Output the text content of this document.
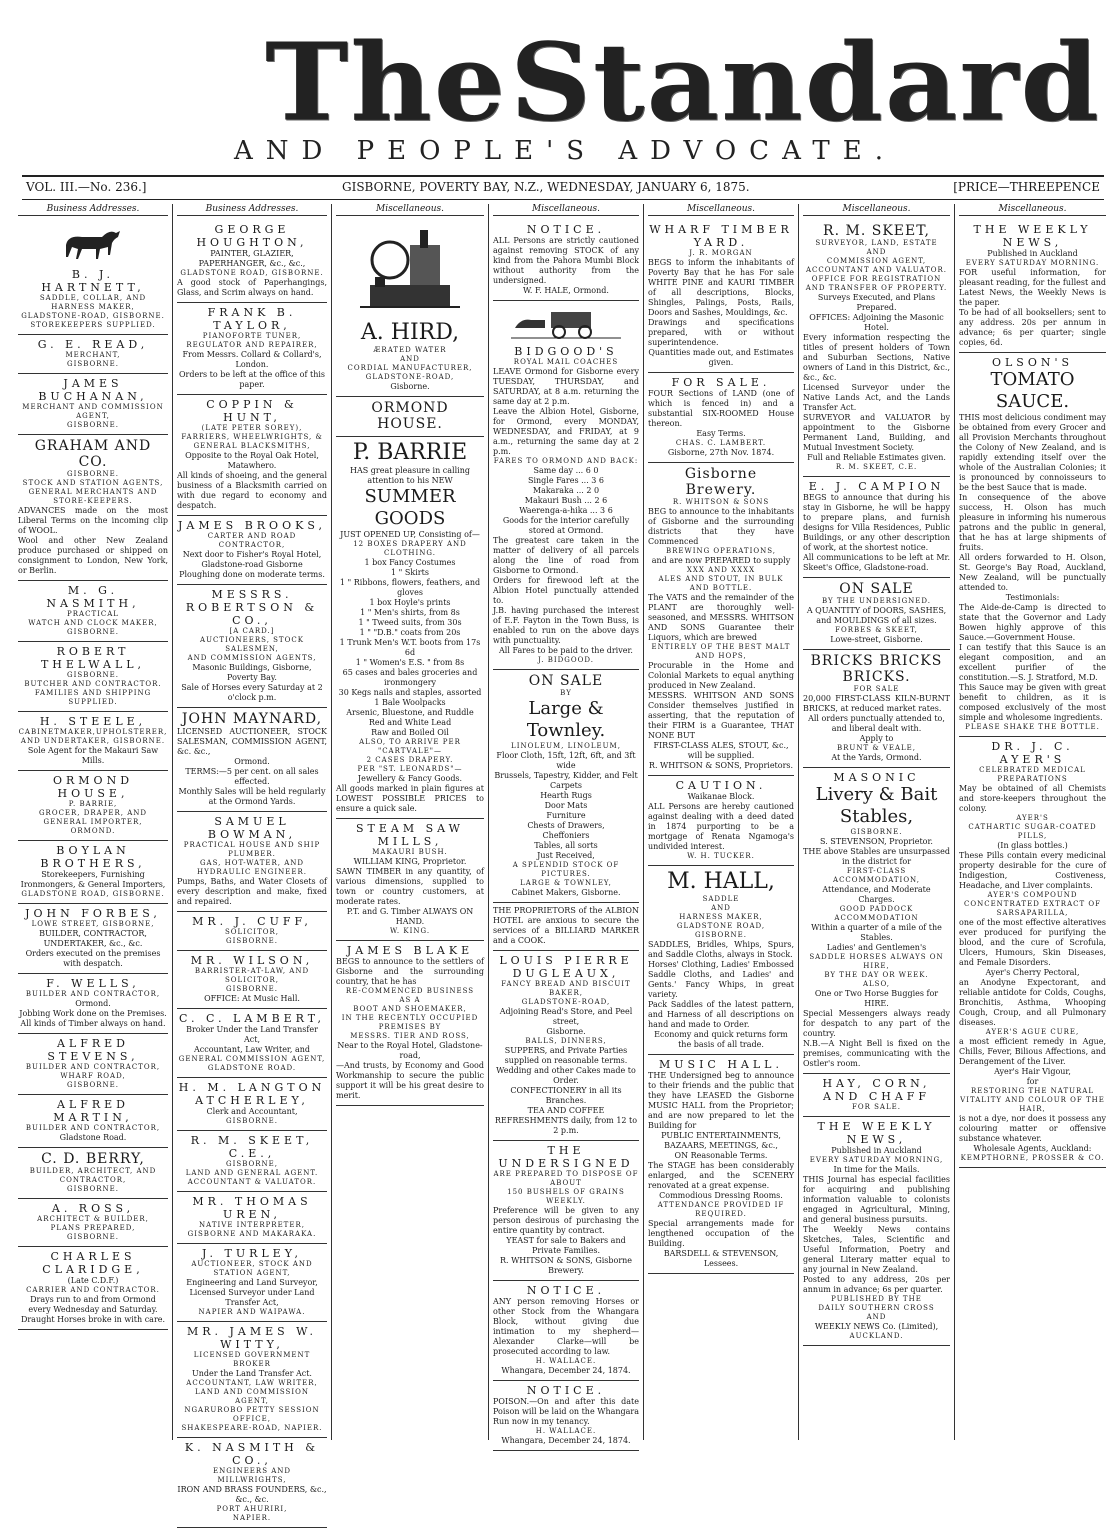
The Standard
AND PEOPLE'S ADVOCATE.
VOL. III.—No. 236.]	GISBORNE, POVERTY BAY, N.Z., WEDNESDAY, JANUARY 6, 1875.	[PRICE—THREEPENCE
Business Addresses.
B. J. HARTNETT,
SADDLE, COLLAR, AND HARNESS MAKER,
GLADSTONE-ROAD, GISBORNE.
STOREKEEPERS SUPPLIED.
G. E. READ,
MERCHANT,
GISBORNE.
JAMES BUCHANAN,
MERCHANT AND COMMISSION AGENT,
GISBORNE.
GRAHAM AND CO.
GISBORNE.
STOCK AND STATION AGENTS,
GENERAL MERCHANTS AND STORE-KEEPERS.
ADVANCES made on the most Liberal Terms on the incoming clip of WOOL.
Wool and other New Zealand produce purchased or shipped on consignment to London, New York, or Berlin.
M. G. NASMITH,
PRACTICAL
WATCH AND CLOCK MAKER,
GISBORNE.
ROBERT THELWALL,
GISBORNE.
BUTCHER AND CONTRACTOR.
FAMILIES AND SHIPPING SUPPLIED.
H. STEELE,
CABINETMAKER,UPHOLSTERER,
AND UNDERTAKER, GISBORNE.
Sole Agent for the Makauri Saw Mills.
ORMOND HOUSE,
P. BARRIE,
GROCER, DRAPER, AND GENERAL IMPORTER,
ORMOND.
BOYLAN BROTHERS,
Storekeepers, Furnishing Ironmongers, & General Importers,
GLADSTONE ROAD, GISBORNE.
JOHN FORBES,
LOWE STREET, GISBORNE,
BUILDER, CONTRACTOR, UNDERTAKER, &c., &c.
Orders executed on the premises with despatch.
F. WELLS,
BUILDER AND CONTRACTOR,
Ormond.
Jobbing Work done on the Premises.
All kinds of Timber always on hand.
ALFRED STEVENS,
BUILDER AND CONTRACTOR,
WHARF ROAD,
GISBORNE.
ALFRED MARTIN,
BUILDER AND CONTRACTOR,
Gladstone Road.
C. D. BERRY,
BUILDER, ARCHITECT, AND CONTRACTOR,
GISBORNE.
A. ROSS,
ARCHITECT & BUILDER,
PLANS PREPARED,
GISBORNE.
CHARLES CLARIDGE,
(Late C.D.F.)
CARRIER AND CONTRACTOR.
Drays run to and from Ormond every Wednesday and Saturday.
Draught Horses broke in with care.
Business Addresses.
GEORGE HOUGHTON,
PAINTER, GLAZIER, PAPERHANGER, &c., &c.,
GLADSTONE ROAD, GISBORNE.
A good stock of Paperhangings, Glass, and Scrim always on hand.
FRANK B. TAYLOR,
PIANOFORTE TUNER, REGULATOR AND REPAIRER,
From Messrs. Collard & Collard's, London.
Orders to be left at the office of this paper.
COPPIN & HUNT,
(LATE PETER SOREY),
FARRIERS, WHEELWRIGHTS, & GENERAL BLACKSMITHS,
Opposite to the Royal Oak Hotel, Matawhero.
All kinds of shoeing, and the general business of a Blacksmith carried on with due regard to economy and despatch.
JAMES BROOKS,
CARTER AND ROAD CONTRACTOR,
Next door to Fisher's Royal Hotel, Gladstone-road Gisborne
Ploughing done on moderate terms.
MESSRS. ROBERTSON & CO.,
[A CARD.]
AUCTIONEERS, STOCK SALESMEN,
AND COMMISSION AGENTS,
Masonic Buildings, Gisborne, Poverty Bay.
Sale of Horses every Saturday at 2 o'clock p.m.
JOHN MAYNARD,
LICENSED AUCTIONEER, STOCK SALESMAN, COMMISSION AGENT, &c. &c.,
Ormond.
TERMS:—5 per cent. on all sales effected.
Monthly Sales will be held regularly at the Ormond Yards.
SAMUEL BOWMAN,
PRACTICAL HOUSE AND SHIP PLUMBER.
GAS, HOT-WATER, AND HYDRAULIC ENGINEER.
Pumps, Baths, and Water Closets of every description and make, fixed and repaired.
MR. J. CUFF,
SOLICITOR,
GISBORNE.
MR. WILSON,
BARRISTER-AT-LAW, AND SOLICITOR,
GISBORNE.
OFFICE: At Music Hall.
C. C. LAMBERT,
Broker Under the Land Transfer Act,
Accountant, Law Writer, and
GENERAL COMMISSION AGENT,
GLADSTONE ROAD.
H. M. LANGTON ATCHERLEY,
Clerk and Accountant,
GISBORNE.
R. M. SKEET, C.E.,
GISBORNE,
LAND AND GENERAL AGENT.
ACCOUNTANT & VALUATOR.
MR. THOMAS UREN,
NATIVE INTERPRETER,
GISBORNE AND MAKARAKA.
J. TURLEY,
AUCTIONEER, STOCK AND STATION AGENT,
Engineering and Land Surveyor,
Licensed Surveyor under Land Transfer Act,
NAPIER AND WAIPAWA.
MR. JAMES W. WITTY,
LICENSED GOVERNMENT BROKER
Under the Land Transfer Act.
ACCOUNTANT, LAW WRITER, LAND AND COMMISSION AGENT,
NGARUROBO PETTY SESSION OFFICE,
SHAKESPEARE-ROAD, NAPIER.
K. NASMITH & CO.,
ENGINEERS AND MILLWRIGHTS,
IRON AND BRASS FOUNDERS, &c., &c., &c.
PORT AHURIRI,
NAPIER.
Miscellaneous.
A. HIRD,
ÆRATED WATER
AND
CORDIAL MANUFACTURER,
GLADSTONE-ROAD,
Gisborne.
ORMOND HOUSE.
P. BARRIE
HAS great pleasure in calling attention to his NEW
SUMMER GOODS
JUST OPENED UP, Consisting of—
12 BOXES DRAPERY AND CLOTHING.
1 box Fancy Costumes
1 " Skirts
1 " Ribbons, flowers, feathers, and gloves
1 box Hoyle's prints
1 " Men's shirts, from 8s
1 " Tweed suits, from 30s
1 " "D.B." coats from 20s
1 Trunk Men's W.T. boots from 17s 6d
1 " Women's E.S. " from 8s
65 cases and bales groceries and ironmongery
30 Kegs nails and staples, assorted
1 Bale Woolpacks
Arsenic, Bluestone, and Ruddle
Red and White Lead
Raw and Boiled Oil
ALSO, TO ARRIVE PER "CARTVALE"—
2 CASES DRAPERY.
PER "ST. LEONARDS"—
Jewellery & Fancy Goods.
All goods marked in plain figures at LOWEST POSSIBLE PRICES to ensure a quick sale.
STEAM SAW MILLS,
MAKAURI BUSH.
WILLIAM KING, Proprietor.
SAWN TIMBER in any quantity, of various dimensions, supplied to town or country customers, at moderate rates.
P.T. and G. Timber ALWAYS ON HAND.
W. KING.
JAMES BLAKE
BEGS to announce to the settlers of Gisborne and the surrounding country, that he has
RE-COMMENCED BUSINESS
AS A
BOOT AND SHOEMAKER,
IN THE RECENTLY OCCUPIED PREMISES BY
MESSRS. TIER AND ROSS,
Near to the Royal Hotel, Gladstone-road,
—And trusts, by Economy and Good Workmanship to secure the public support it will be his great desire to merit.
Miscellaneous.
NOTICE.
ALL Persons are strictly cautioned against removing STOCK of any kind from the Pahora Mumbi Block without authority from the undersigned.
W. F. HALE, Ormond.
BIDGOOD'S
ROYAL MAIL COACHES
LEAVE Ormond for Gisborne every TUESDAY, THURSDAY, and SATURDAY, at 8 a.m. returning the same day at 2 p.m.
Leave the Albion Hotel, Gisborne, for Ormond, every MONDAY, WEDNESDAY, and FRIDAY, at 9 a.m., returning the same day at 2 p.m.
FARES TO ORMOND AND BACK:
Same day ... 6 0
Single Fares ... 3 6
Makaraka ... 2 0
Makauri Bush ... 2 6
Waerenga-a-hika ... 3 6
Goods for the interior carefully stored at Ormond.
The greatest care taken in the matter of delivery of all parcels along the line of road from Gisborne to Ormond.
Orders for firewood left at the Albion Hotel punctually attended to.
J.B. having purchased the interest of E.F. Fayton in the Town Buss, is enabled to run on the above days with punctuality.
All Fares to be paid to the driver.
J. BIDGOOD.
ON SALE
BY
Large & Townley.
LINOLEUM, LINOLEUM,
Floor Cloth, 15ft, 12ft, 6ft, and 3ft wide
Brussels, Tapestry, Kidder, and Felt Carpets
Hearth Rugs
Door Mats
Furniture
Chests of Drawers,
Cheffoniers
Tables, all sorts
Just Received,
A SPLENDID STOCK OF
PICTURES.
LARGE & TOWNLEY,
Cabinet Makers, Gisborne.
THE PROPRIETORS of the ALBION HOTEL are anxious to secure the services of a BILLIARD MARKER and a COOK.
LOUIS PIERRE DUGLEAUX,
FANCY BREAD AND BISCUIT BAKER,
GLADSTONE-ROAD,
Adjoining Read's Store, and Peel street,
Gisborne.
BALLS, DINNERS,
SUPPERS, and Private Parties supplied on reasonable terms.
Wedding and other Cakes made to Order.
CONFECTIONERY in all its Branches.
TEA AND COFFEE REFRESHMENTS daily, from 12 to 2 p.m.
THE UNDERSIGNED
ARE PREPARED TO DISPOSE OF ABOUT
150 BUSHELS OF GRAINS WEEKLY.
Preference will be given to any person desirous of purchasing the entire quantity by contract.
YEAST for sale to Bakers and Private Families.
R. WHITSON & SONS, Gisborne Brewery.
NOTICE.
ANY person removing Horses or other Stock from the Whangara Block, without giving due intimation to my shepherd—Alexander Clarke—will be prosecuted according to law.
H. WALLACE.
Whangara, December 24, 1874.
NOTICE.
POISON.—On and after this date Poison will be laid on the Whangara Run now in my tenancy.
H. WALLACE.
Whangara, December 24, 1874.
Miscellaneous.
WHARF TIMBER YARD.
J. R. MORGAN
BEGS to inform the inhabitants of Poverty Bay that he has For sale WHITE PINE and KAURI TIMBER of all descriptions, Blocks, Shingles, Palings, Posts, Rails, Doors and Sashes, Mouldings, &c.
Drawings and specifications prepared, with or without superintendence.
Quantities made out, and Estimates given.
FOR SALE.
FOUR Sections of LAND (one of which is fenced in) and a substantial SIX-ROOMED House thereon.
Easy Terms.
CHAS. C. LAMBERT.
Gisborne, 27th Nov. 1874.
Gisborne Brewery.
R. WHITSON & SONS
BEG to announce to the inhabitants of Gisborne and the surrounding districts that they have Commenced
BREWING OPERATIONS,
and are now PREPARED to supply
XXX AND XXXX
ALES AND STOUT, IN BULK AND BOTTLE.
The VATS and the remainder of the PLANT are thoroughly well-seasoned, and MESSRS. WHITSON AND SONS Guarantee their Liquors, which are brewed
ENTIRELY OF THE BEST MALT AND HOPS,
Procurable in the Home and Colonial Markets to equal anything produced in New Zealand.
MESSRS. WHITSON AND SONS Consider themselves justified in asserting, that the reputation of their FIRM is a Guarantee, THAT NONE BUT
FIRST-CLASS ALES, STOUT, &c.,
will be supplied.
R. WHITSON & SONS, Proprietors.
CAUTION.
Waikanae Block.
ALL Persons are hereby cautioned against dealing with a deed dated in 1874 purporting to be a mortgage of Renata Ngamoga's undivided interest.
W. H. TUCKER.
M. HALL,
SADDLE
AND
HARNESS MAKER,
GLADSTONE ROAD,
GISBORNE.
SADDLES, Bridles, Whips, Spurs, and Saddle Cloths, always in Stock.
Horses' Clothing, Ladies' Embossed Saddle Cloths, and Ladies' and Gents.' Fancy Whips, in great variety.
Pack Saddles of the latest pattern, and Harness of all descriptions on hand and made to Order.
Economy and quick returns form the basis of all trade.
MUSIC HALL.
THE Undersigned beg to announce to their friends and the public that they have LEASED the Gisborne MUSIC HALL from the Proprietor; and are now prepared to let the Building for
PUBLIC ENTERTAINMENTS, BAZAARS, MEETINGS, &c.,
ON Reasonable Terms.
The STAGE has been considerably enlarged, and the SCENERY renovated at a great expense.
Commodious Dressing Rooms.
ATTENDANCE PROVIDED IF REQUIRED.
Special arrangements made for lengthened occupation of the Building.
BARSDELL & STEVENSON, Lessees.
Miscellaneous.
R. M. SKEET,
SURVEYOR, LAND, ESTATE
AND
COMMISSION AGENT,
ACCOUNTANT AND VALUATOR.
OFFICE FOR REGISTRATION AND TRANSFER OF PROPERTY.
Surveys Executed, and Plans Prepared.
OFFICES: Adjoining the Masonic Hotel.
Every information respecting the titles of present holders of Town and Suburban Sections, Native owners of Land in this District, &c., &c., &c.
Licensed Surveyor under the Native Lands Act, and the Lands Transfer Act.
SURVEYOR and VALUATOR by appointment to the Gisborne Permanent Land, Building, and Mutual Investment Society.
Full and Reliable Estimates given.
R. M. SKEET, C.E.
E. J. CAMPION
BEGS to announce that during his stay in Gisborne, he will be happy to prepare plans, and furnish designs for Villa Residences, Public Buildings, or any other description of work, at the shortest notice.
All communications to be left at Mr. Skeet's Office, Gladstone-road.
ON SALE
BY THE UNDERSIGNED.
A QUANTITY of DOORS, SASHES, and MOULDINGS of all sizes.
FORBES & SKEET,
Lowe-street, Gisborne.
BRICKS BRICKS BRICKS.
FOR SALE
20,000 FIRST-CLASS KILN-BURNT BRICKS, at reduced market rates.
All orders punctually attended to, and liberal dealt with.
Apply to
BRUNT & VEALE,
At the Yards, Ormond.
MASONIC
Livery & Bait Stables,
GISBORNE.
S. STEVENSON, Proprietor.
THE above Stables are unsurpassed in the district for
FIRST-CLASS ACCOMMODATION,
Attendance, and Moderate Charges.
GOOD PADDOCK ACCOMMODATION
Within a quarter of a mile of the Stables.
Ladies' and Gentlemen's
SADDLE HORSES ALWAYS ON HIRE,
BY THE DAY OR WEEK.
ALSO,
One or Two Horse Buggies for HIRE.
Special Messengers always ready for despatch to any part of the country.
N.B.—A Night Bell is fixed on the premises, communicating with the Ostler's room.
HAY, CORN, AND CHAFF
FOR SALE.
THE WEEKLY NEWS,
Published in Auckland
EVERY SATURDAY MORNING,
In time for the Mails.
THIS Journal has especial facilities for acquiring and publishing information valuable to colonists engaged in Agricultural, Mining, and general business pursuits.
The Weekly News contains Sketches, Tales, Scientific and Useful Information, Poetry and general Literary matter equal to any journal in New Zealand.
Posted to any address, 20s per annum in advance; 6s per quarter.
PUBLISHED BY THE
DAILY SOUTHERN CROSS
AND
WEEKLY NEWS Co. (Limited),
AUCKLAND.
Miscellaneous.
THE WEEKLY NEWS,
Published in Auckland
EVERY SATURDAY MORNING.
FOR useful information, for pleasant reading, for the fullest and Latest News, the Weekly News is the paper.
To be had of all booksellers; sent to any address. 20s per annum in advance; 6s per quarter; single copies, 6d.
OLSON'S
TOMATO SAUCE.
THIS most delicious condiment may be obtained from every Grocer and all Provision Merchants throughout the Colony of New Zealand, and is rapidly extending itself over the whole of the Australian Colonies; it is pronounced by connoisseurs to be the best Sauce that is made.
In consequence of the above success, H. Olson has much pleasure in informing his numerous patrons and the public in general, that he has at large shipments of fruits.
All orders forwarded to H. Olson, St. George's Bay Road, Auckland, New Zealand, will be punctually attended to.
Testimonials:
The Aide-de-Camp is directed to state that the Governor and Lady Bowen highly approve of this Sauce.—Government House.
I can testify that this Sauce is an elegant composition, and an excellent purifier of the constitution.—S. J. Stratford, M.D.
This Sauce may be given with great benefit to children, as it is composed exclusively of the most simple and wholesome ingredients.
PLEASE SHAKE THE BOTTLE.
DR. J. C. AYER'S
CELEBRATED MEDICAL PREPARATIONS
May be obtained of all Chemists and store-keepers throughout the colony.
AYER'S
CATHARTIC SUGAR-COATED PILLS,
(In glass bottles.)
These Pills contain every medicinal property desirable for the cure of Indigestion, Costiveness, Headache, and Liver complaints.
AYER'S COMPOUND CONCENTRATED EXTRACT OF SARSAPARILLA,
one of the most effective alteratives ever produced for purifying the blood, and the cure of Scrofula, Ulcers, Humours, Skin Diseases, and Female Disorders.
Ayer's Cherry Pectoral,
an Anodyne Expectorant, and reliable antidote for Colds, Coughs, Bronchitis, Asthma, Whooping Cough, Croup, and all Pulmonary diseases.
AYER'S AGUE CURE,
a most efficient remedy in Ague, Chills, Fever, Bilious Affections, and Derangement of the Liver.
Ayer's Hair Vigour,
for
RESTORING THE NATURAL VITALITY AND COLOUR OF THE HAIR,
is not a dye, nor does it possess any colouring matter or offensive substance whatever.
Wholesale Agents, Auckland:
KEMPTHORNE, PROSSER & CO.
